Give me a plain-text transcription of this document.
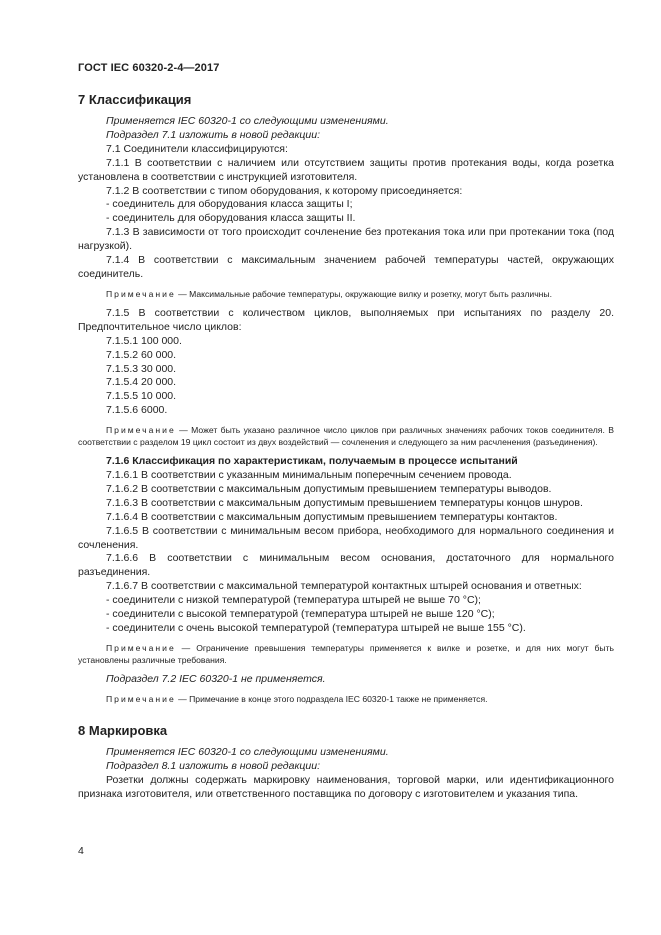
ГОСТ IEC 60320-2-4—2017
7 Классификация

Применяется IEC 60320-1 со следующими изменениями.

Подраздел 7.1 изложить в новой редакции:

7.1 Соединители классифицируются:

7.1.1 В соответствии с наличием или отсутствием защиты против протекания воды, когда розетка установлена в соответствии с инструкцией изготовителя.

7.1.2 В соответствии с типом оборудования, к которому присоединяется:

- соединитель для оборудования класса защиты I;

- соединитель для оборудования класса защиты II.

7.1.3 В зависимости от того происходит сочленение без протекания тока или при протекании тока (под нагрузкой).

7.1.4 В соответствии с максимальным значением рабочей температуры частей, окружающих соединитель.

Примечание — Максимальные рабочие температуры, окружающие вилку и розетку, могут быть различны.

7.1.5 В соответствии с количеством циклов, выполняемых при испытаниях по разделу 20. Предпочтительное число циклов:

7.1.5.1 100 000.

7.1.5.2 60 000.

7.1.5.3 30 000.

7.1.5.4 20 000.

7.1.5.5 10 000.

7.1.5.6 6000.

Примечание — Может быть указано различное число циклов при различных значениях рабочих токов соединителя. В соответствии с разделом 19 цикл состоит из двух воздействий — сочленения и следующего за ним расчленения (разъединения).

7.1.6 Классификация по характеристикам, получаемым в процессе испытаний

7.1.6.1 В соответствии с указанным минимальным поперечным сечением провода.

7.1.6.2 В соответствии с максимальным допустимым превышением температуры выводов.

7.1.6.3 В соответствии с максимальным допустимым превышением температуры концов шнуров.

7.1.6.4 В соответствии с максимальным допустимым превышением температуры контактов.

7.1.6.5 В соответствии с минимальным весом прибора, необходимого для нормального соединения и сочленения.

7.1.6.6 В соответствии с минимальным весом основания, достаточного для нормального разъединения.

7.1.6.7 В соответствии с максимальной температурой контактных штырей основания и ответных:

- соединители с низкой температурой (температура штырей не выше 70 °С);

- соединители с высокой температурой (температура штырей не выше 120 °С);

- соединители с очень высокой температурой (температура штырей не выше 155 °С).

Примечание — Ограничение превышения температуры применяется к вилке и розетке, и для них могут быть установлены различные требования.

Подраздел 7.2 IEC 60320-1 не применяется.

Примечание — Примечание в конце этого подраздела IEC 60320-1 также не применяется.

8 Маркировка

Применяется IEC 60320-1 со следующими изменениями.

Подраздел 8.1 изложить в новой редакции:

Розетки должны содержать маркировку наименования, торговой марки, или идентификационного признака изготовителя, или ответственного поставщика по договору с изготовителем и указания типа.

4
